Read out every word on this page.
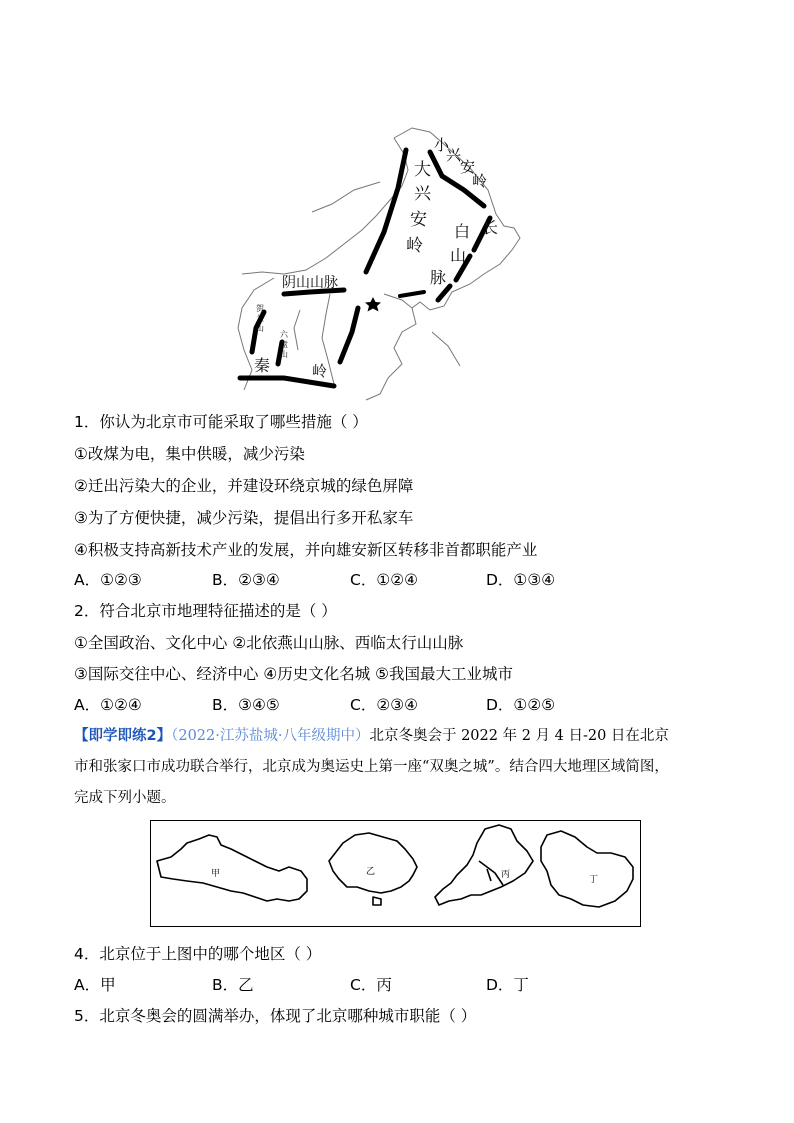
小
兴
安
岭
大
兴
安
岭
白 长
山
脉
阴山山脉
贺兰山
六盘山
秦	岭
1．你认为北京市可能采取了哪些措施（ ）
①改煤为电，集中供暖，减少污染
②迁出污染大的企业，并建设环绕京城的绿色屏障
③为了方便快捷，减少污染，提倡出行多开私家车
④积极支持高新技术产业的发展，并向雄安新区转移非首都职能产业
A．①②③	B．②③④	C．①②④	D．①③④
2．符合北京市地理特征描述的是（ ）
①全国政治、文化中心 ②北依燕山山脉、西临太行山山脉
③国际交往中心、经济中心 ④历史文化名城 ⑤我国最大工业城市
A．①②④	B．③④⑤	C．②③④	D．①②⑤
【即学即练2】（2022·江苏盐城·八年级期中）北京冬奥会于 2022 年 2 月 4 日-20 日在北京
市和张家口市成功联合举行，北京成为奥运史上第一座“双奥之城”。结合四大地理区域简图，
完成下列小题。
甲	乙	丙	丁
4．北京位于上图中的哪个地区（ ）
A．甲	B．乙	C．丙	D．丁
5．北京冬奥会的圆满举办，体现了北京哪种城市职能（ ）
